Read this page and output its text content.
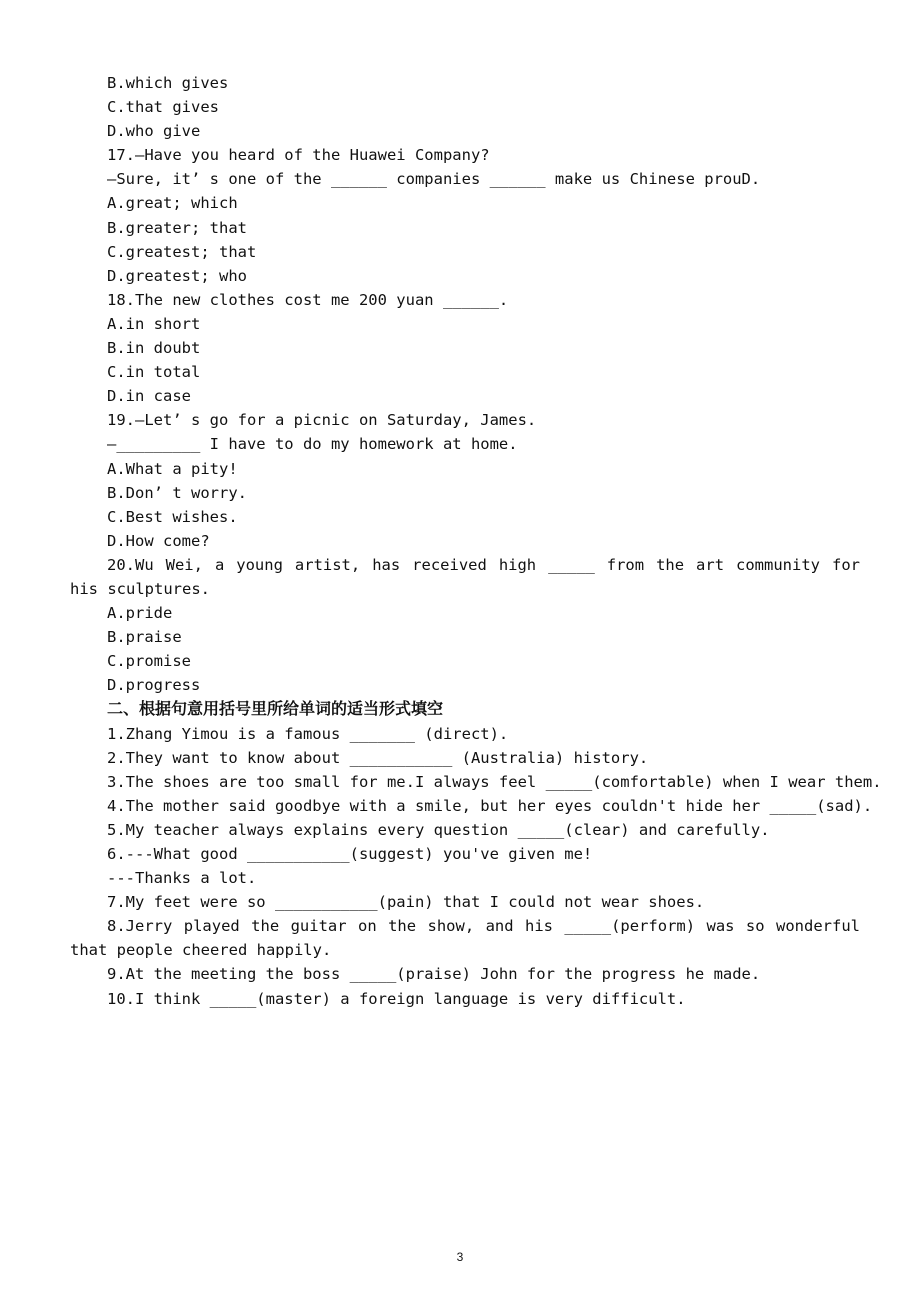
B.which gives
C.that gives
D.who give
17.—Have you heard of the Huawei Company?
—Sure, it’ s one of the ______ companies ______ make us Chinese prouD.
A.great; which
B.greater; that
C.greatest; that
D.greatest; who
18.The new clothes cost me 200 yuan ______.
A.in short
B.in doubt
C.in total
D.in case
19.—Let’ s go for a picnic on Saturday, James.
—_________ I have to do my homework at home.
A.What a pity!
B.Don’ t worry.
C.Best wishes.
D.How come?
20.Wu Wei, a young artist, has received high _____ from the art community for his sculptures.
A.pride
B.praise
C.promise
D.progress
二、根据句意用括号里所给单词的适当形式填空
1.Zhang Yimou is a famous _______ (direct).
2.They want to know about ___________ (Australia) history.
3.The shoes are too small for me.I always feel _____(comfortable) when I wear them.
4.The mother said goodbye with a smile, but her eyes couldn't hide her _____(sad).
5.My teacher always explains every question _____(clear) and carefully.
6.---What good ___________(suggest) you've given me!
---Thanks a lot.
7.My feet were so ___________(pain) that I could not wear shoes.
8.Jerry played the guitar on the show, and his _____(perform) was so wonderful that people cheered happily.
9.At the meeting the boss _____(praise) John for the progress he made.
10.I think _____(master) a foreign language is very difficult.
3
